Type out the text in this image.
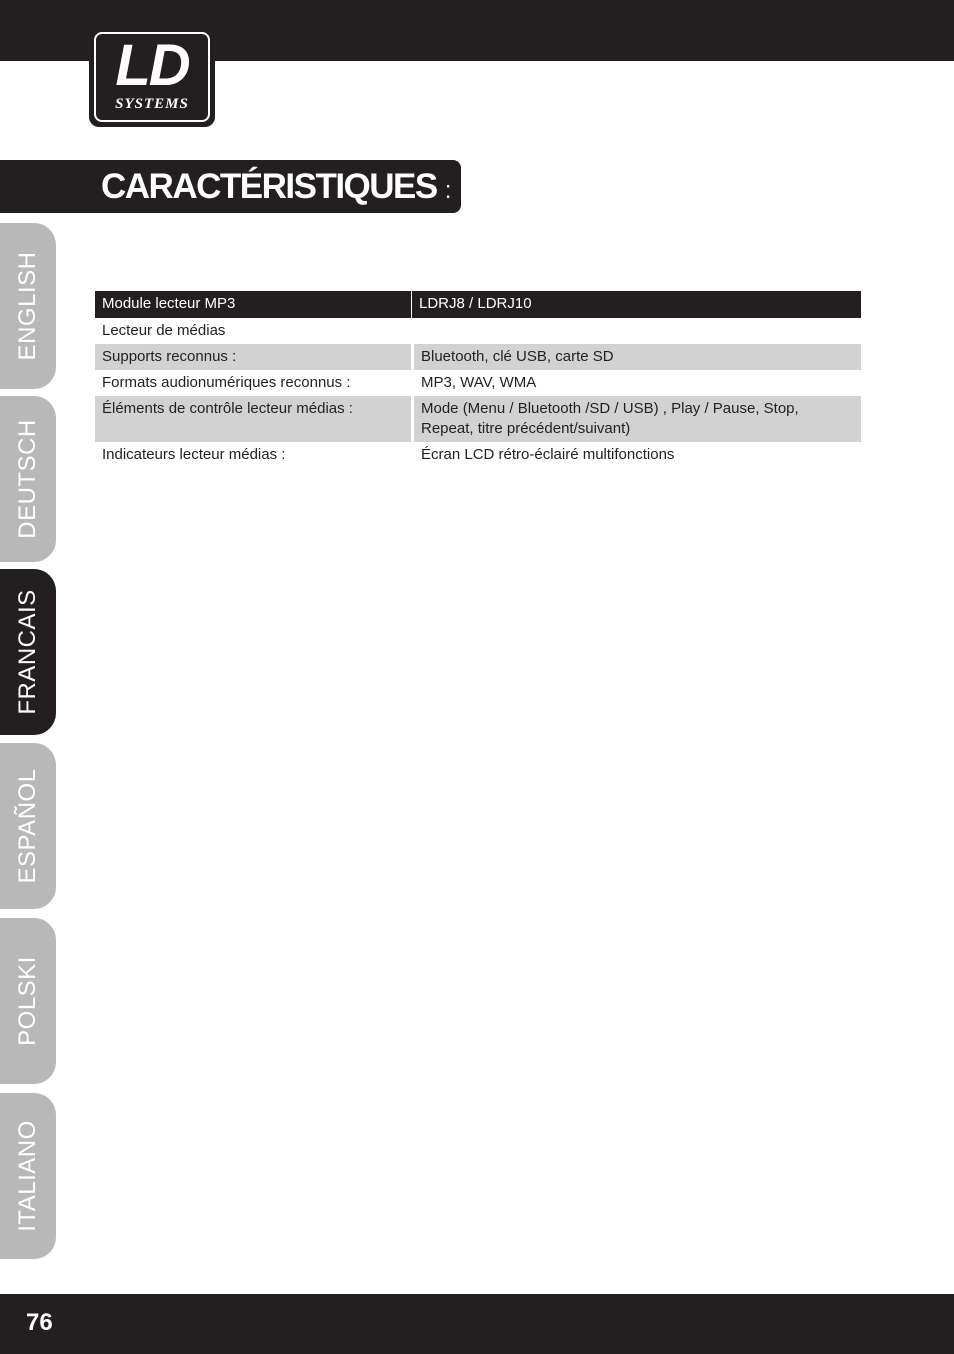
LD
SYSTEMS
CARACTÉRISTIQUES :
ENGLISH
DEUTSCH
FRANCAIS
ESPAÑOL
POLSKI
ITALIANO
Module lecteur MP3	LDRJ8 / LDRJ10
Lecteur de médias	
Supports reconnus :	Bluetooth, clé USB, carte SD
Formats audionumériques reconnus :	MP3, WAV, WMA
Éléments de contrôle lecteur médias :	Mode (Menu / Bluetooth /SD / USB) , Play / Pause, Stop, Repeat, titre précédent/suivant)
Indicateurs lecteur médias :	Écran LCD rétro-éclairé multifonctions
76
